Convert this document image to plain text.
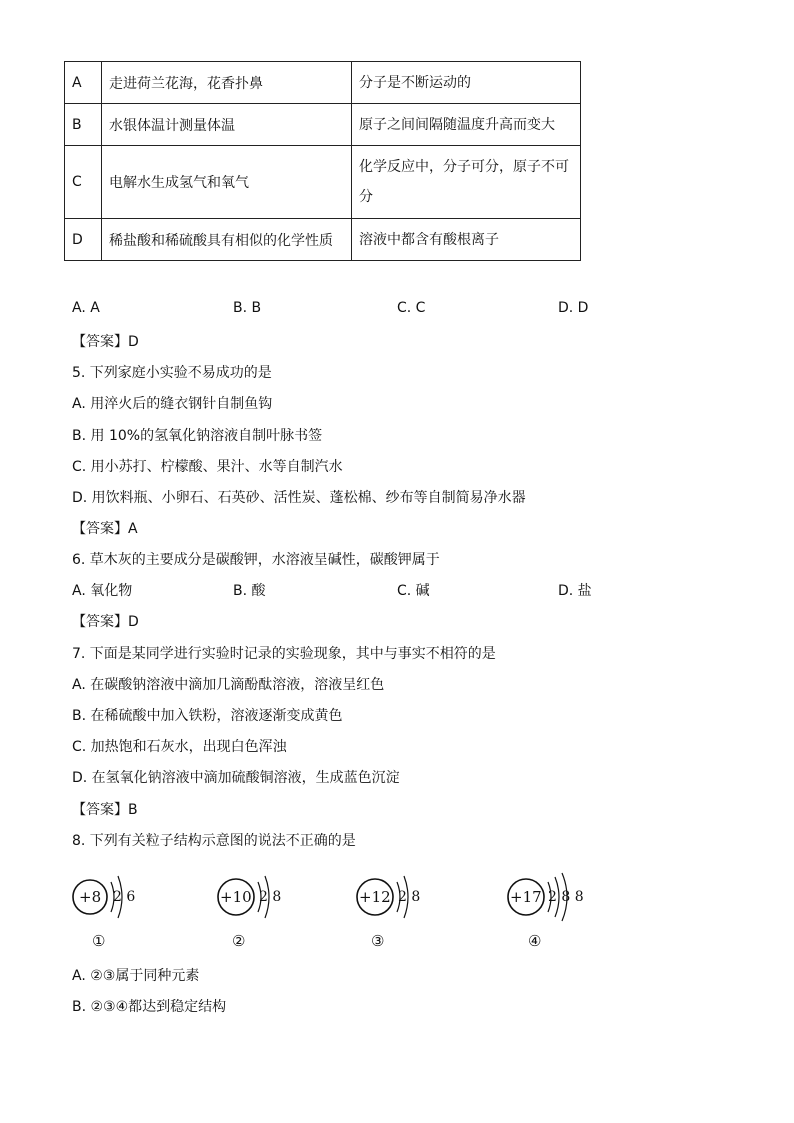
A	走进荷兰花海，花香扑鼻	分子是不断运动的
B	水银体温计测量体温	原子之间间隔随温度升高而变大
C	电解水生成氢气和氧气	化学反应中，分子可分，原子不可分
D	稀盐酸和稀硫酸具有相似的化学性质	溶液中都含有酸根离子
A. A	B. B	C. C	D. D
【答案】D
5. 下列家庭小实验不易成功的是
A. 用淬火后的缝衣钢针自制鱼钩
B. 用 10%的氢氧化钠溶液自制叶脉书签
C. 用小苏打、柠檬酸、果汁、水等自制汽水
D. 用饮料瓶、小卵石、石英砂、活性炭、蓬松棉、纱布等自制简易净水器
【答案】A
6. 草木灰的主要成分是碳酸钾，水溶液呈碱性，碳酸钾属于
A. 氧化物	B. 酸	C. 碱	D. 盐
【答案】D
7. 下面是某同学进行实验时记录的实验现象，其中与事实不相符的是
A. 在碳酸钠溶液中滴加几滴酚酞溶液，溶液呈红色
B. 在稀硫酸中加入铁粉，溶液逐渐变成黄色
C. 加热饱和石灰水，出现白色浑浊
D. 在氢氧化钠溶液中滴加硫酸铜溶液，生成蓝色沉淀
【答案】B
8. 下列有关粒子结构示意图的说法不正确的是
+8 2 6
①
+10 2 8
②
+12 2 8
③
+17 2 8 8
④
A. ②③属于同种元素
B. ②③④都达到稳定结构
